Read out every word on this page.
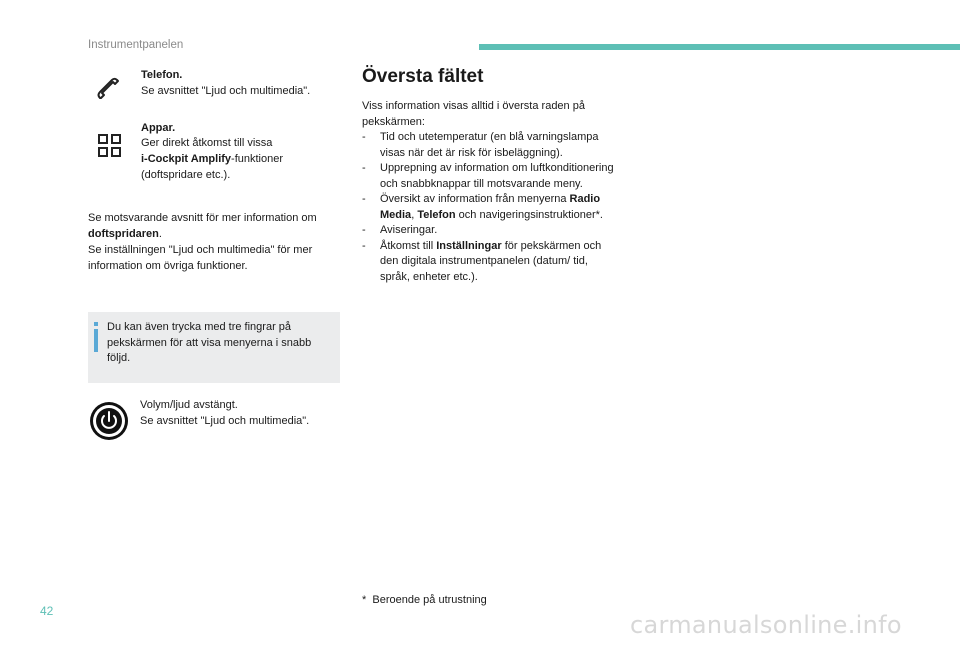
Instrumentpanelen
Telefon.
Se avsnittet "Ljud och multimedia".
Appar.
Ger direkt åtkomst till vissa
i-Cockpit Amplify-funktioner
(doftspridare etc.).
Se motsvarande avsnitt för mer information om doftspridaren.
Se inställningen "Ljud och multimedia" för mer information om övriga funktioner.
Du kan även trycka med tre fingrar på pekskärmen för att visa menyerna i snabb följd.
Volym/ljud avstängt.
Se avsnittet "Ljud och multimedia".
Översta fältet
Viss information visas alltid i översta raden på pekskärmen:
- Tid och utetemperatur (en blå varningslampa visas när det är risk för isbeläggning).
- Upprepning av information om luftkonditionering och snabbknappar till motsvarande meny.
- Översikt av information från menyerna Radio Media, Telefon och navigeringsinstruktioner*.
- Aviseringar.
- Åtkomst till Inställningar för pekskärmen och den digitala instrumentpanelen (datum/ tid, språk, enheter etc.).
* Beroende på utrustning
42	carmanualsonline.info
